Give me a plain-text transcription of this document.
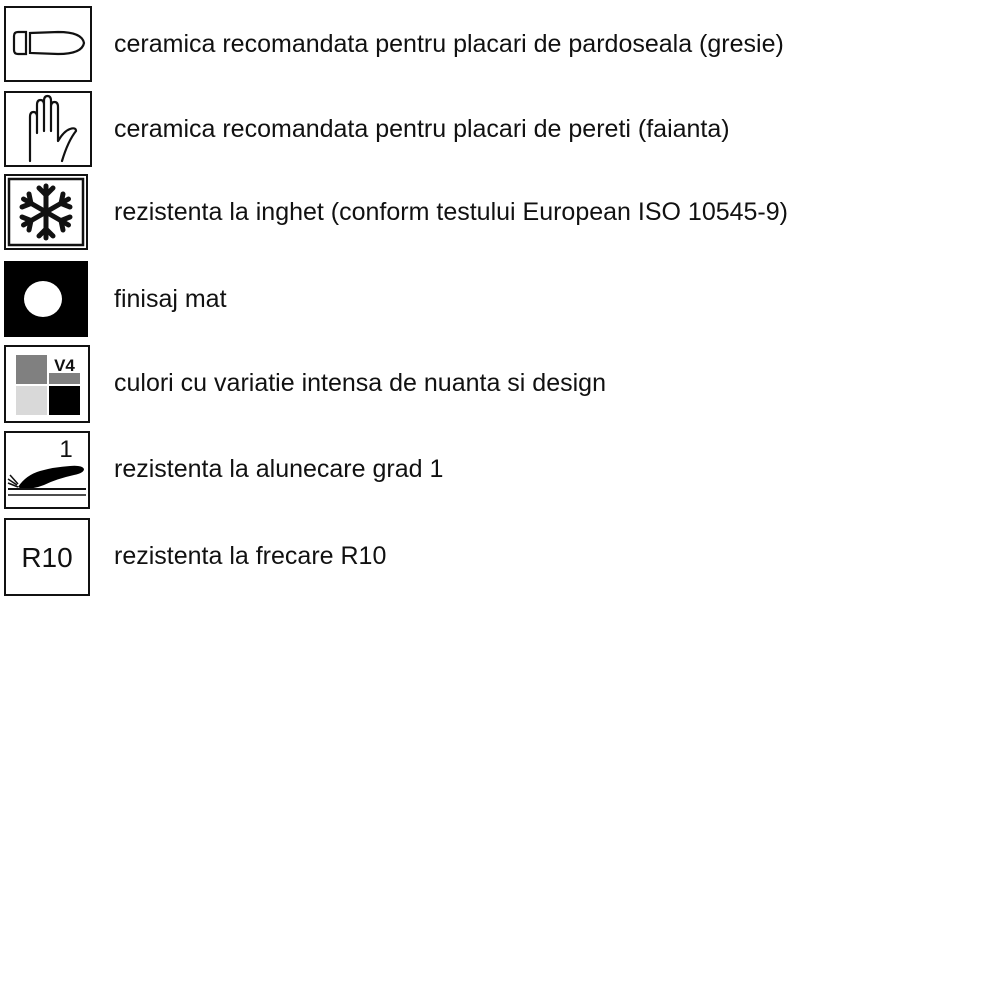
ceramica recomandata pentru placari de pardoseala (gresie)
ceramica recomandata pentru placari de pereti (faianta)
rezistenta la inghet (conform testului European ISO 10545-9)
finisaj mat
V4
culori cu variatie intensa de nuanta si design
1
rezistenta la alunecare grad 1
R10 rezistenta la frecare R10
